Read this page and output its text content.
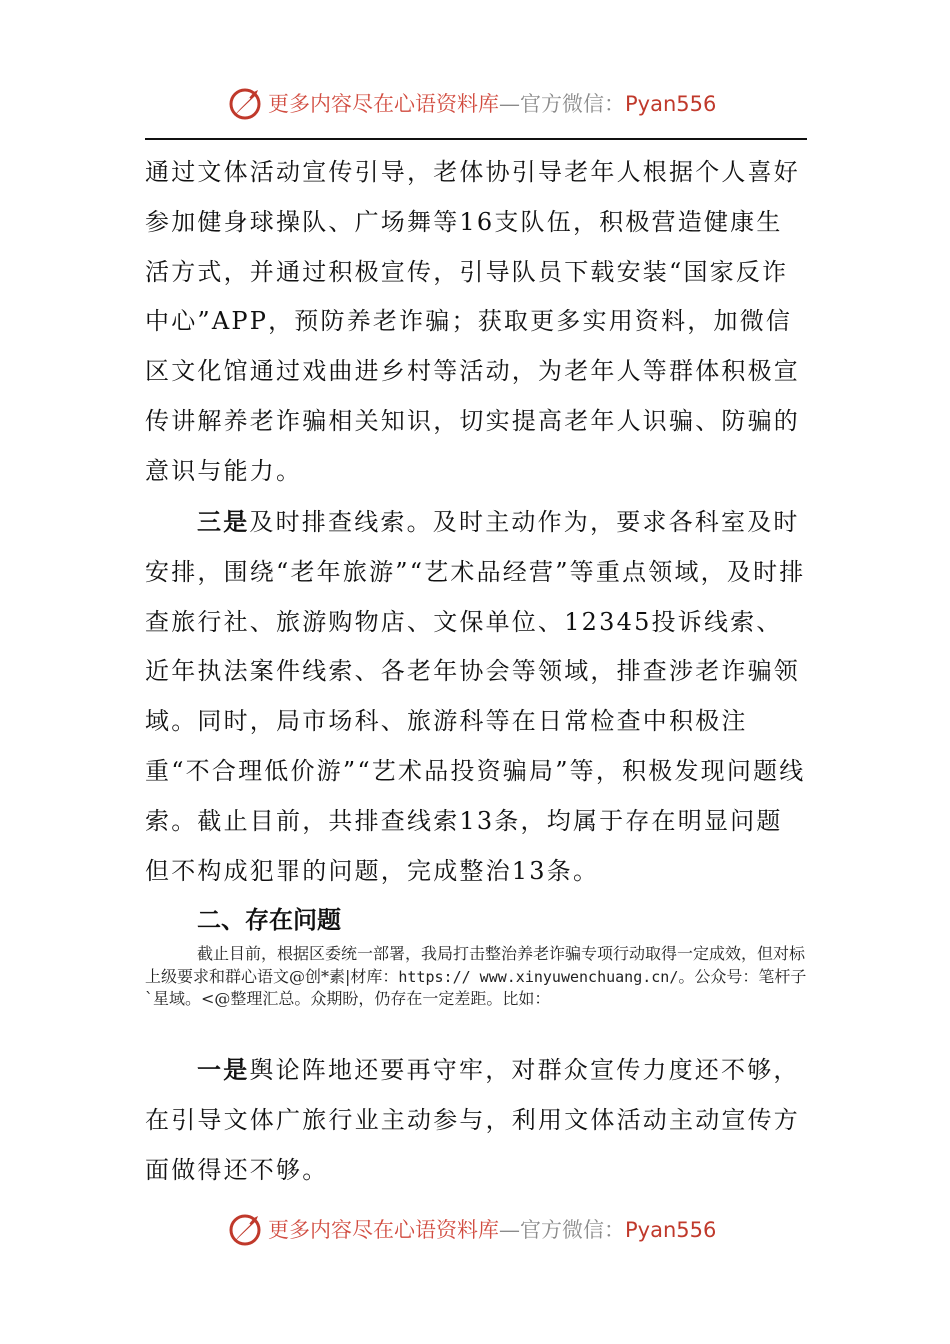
更多内容尽在心语资料库—官方微信：Pyan556

通过文体活动宣传引导，老体协引导老年人根据个人喜好参加健身球操队、广场舞等16支队伍，积极营造健康生活方式，并通过积极宣传，引导队员下载安装“国家反诈中心”APP，预防养老诈骗；获取更多实用资料，加微信区文化馆通过戏曲进乡村等活动，为老年人等群体积极宣传讲解养老诈骗相关知识，切实提高老年人识骗、防骗的意识与能力。

三是及时排查线索。及时主动作为，要求各科室及时安排，围绕“老年旅游”“艺术品经营”等重点领域，及时排查旅行社、旅游购物店、文保单位、12345投诉线索、近年执法案件线索、各老年协会等领域，排查涉老诈骗领域。同时，局市场科、旅游科等在日常检查中积极注重“不合理低价游”“艺术品投资骗局”等，积极发现问题线索。截止目前，共排查线索13条，均属于存在明显问题但不构成犯罪的问题，完成整治13条。

二、存在问题

截止目前，根据区委统一部署，我局打击整治养老诈骗专项行动取得一定成效，但对标上级要求和群心语文@创*素|材库：https:// www.xinyuwenchuang.cn/。公众号：笔杆子`星域。<@整理汇总。众期盼，仍存在一定差距。比如：

一是舆论阵地还要再守牢，对群众宣传力度还不够，在引导文体广旅行业主动参与，利用文体活动主动宣传方面做得还不够。

更多内容尽在心语资料库—官方微信：Pyan556
